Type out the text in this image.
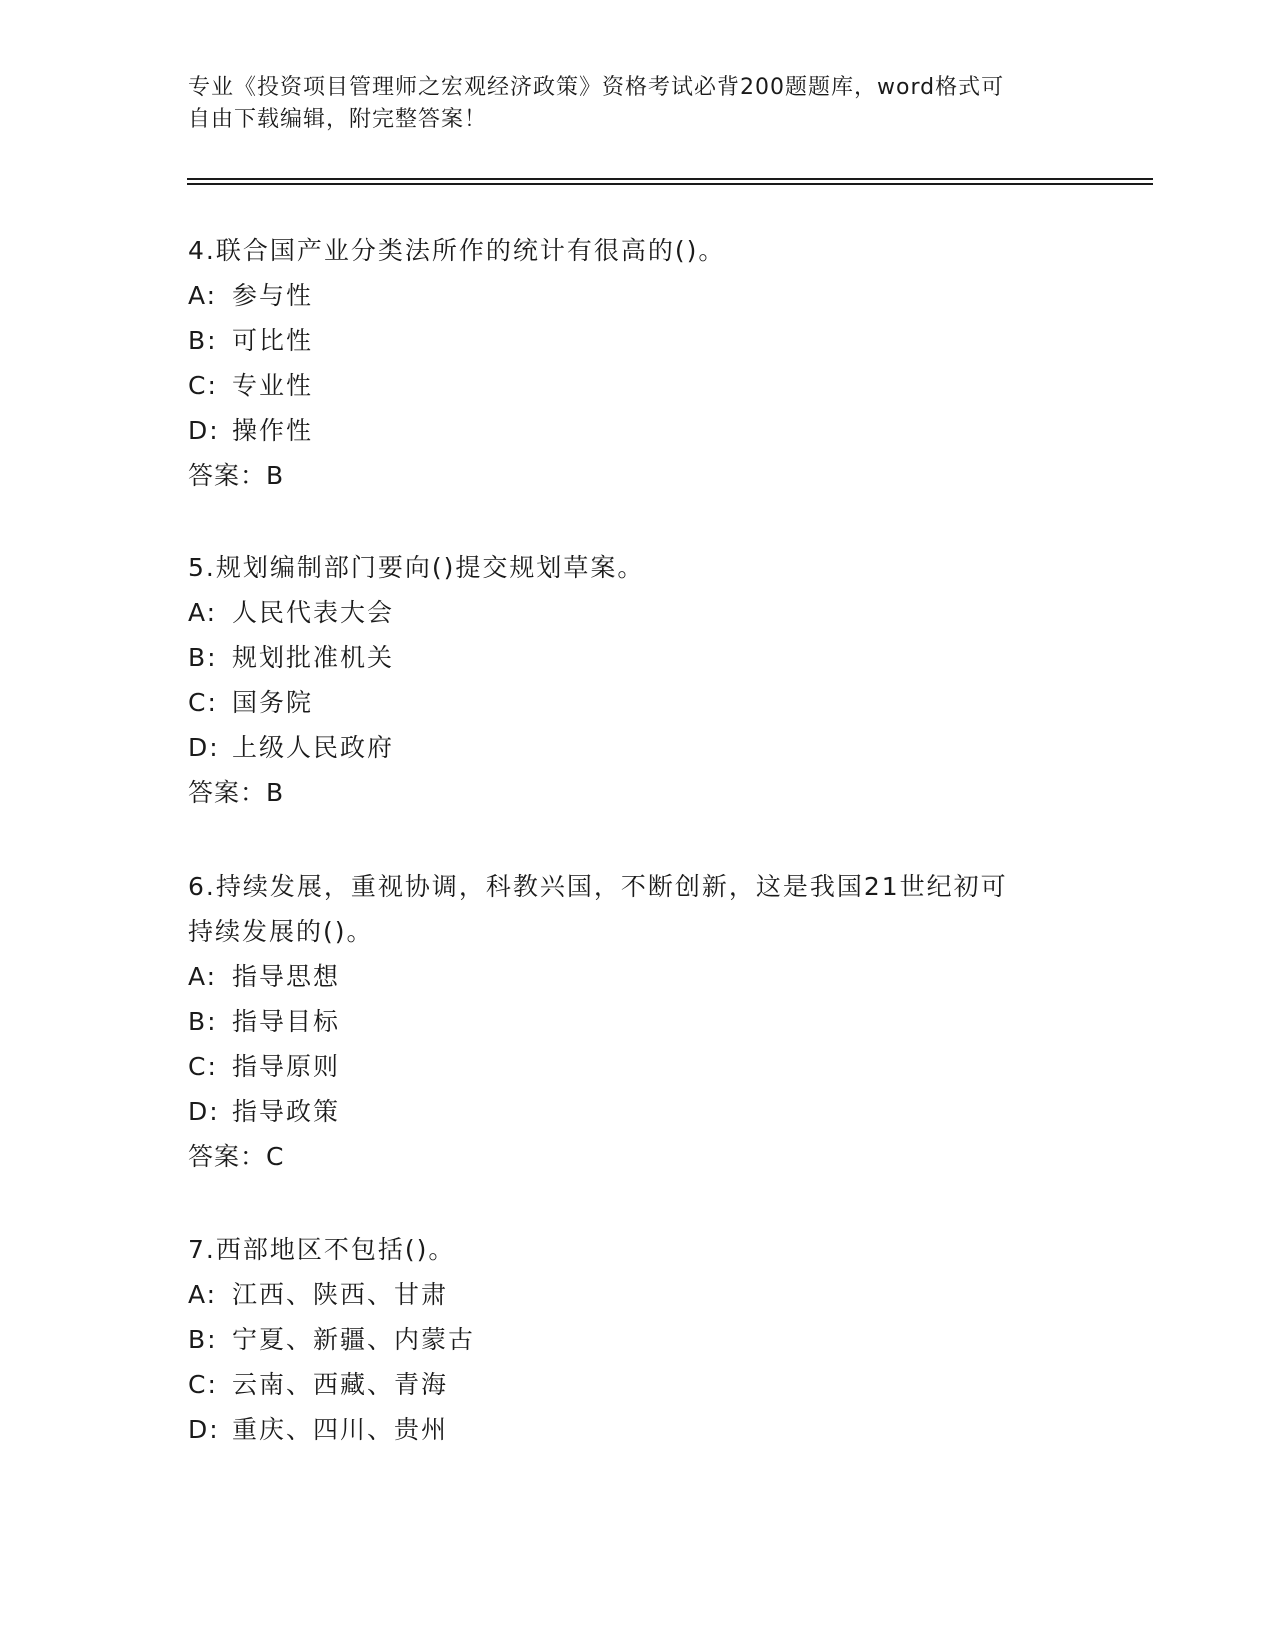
专业《投资项目管理师之宏观经济政策》资格考试必背200题题库，word格式可
自由下载编辑，附完整答案！
4.联合国产业分类法所作的统计有很高的()。
A: 参与性
B: 可比性
C: 专业性
D: 操作性
答案：B
5.规划编制部门要向()提交规划草案。
A: 人民代表大会
B: 规划批准机关
C: 国务院
D: 上级人民政府
答案：B
6.持续发展，重视协调，科教兴国，不断创新，这是我国21世纪初可
持续发展的()。
A: 指导思想
B: 指导目标
C: 指导原则
D: 指导政策
答案：C
7.西部地区不包括()。
A: 江西、陕西、甘肃
B: 宁夏、新疆、内蒙古
C: 云南、西藏、青海
D: 重庆、四川、贵州
